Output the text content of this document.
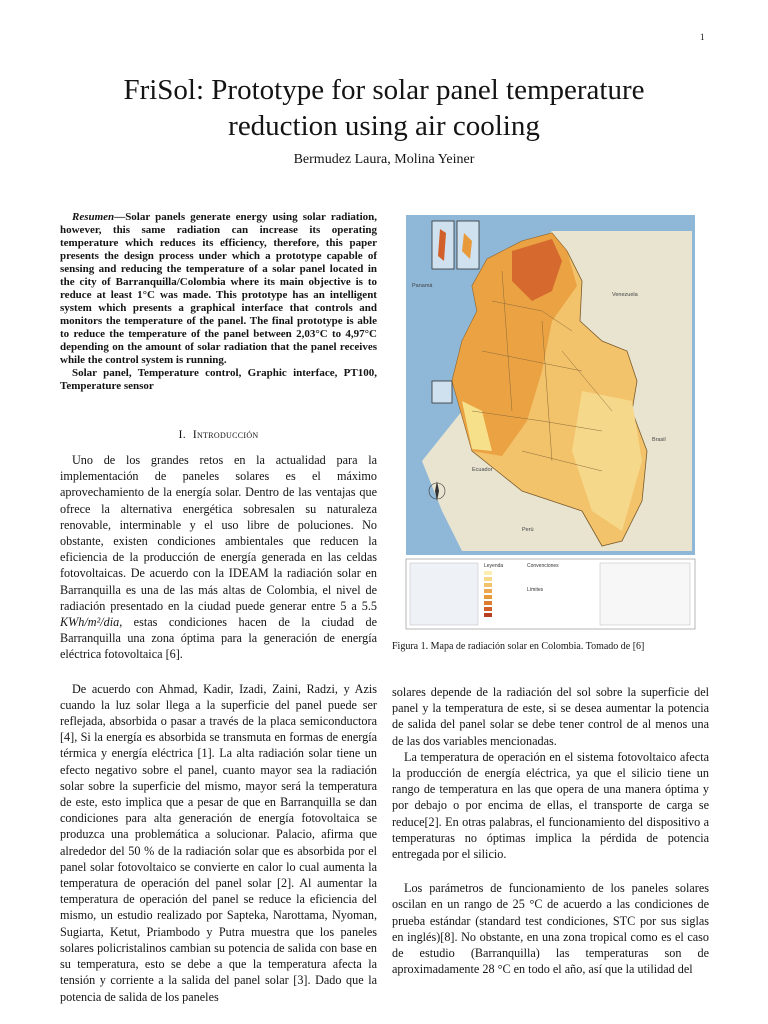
1
FriSol: Prototype for solar panel temperature
reduction using air cooling
Bermudez Laura, Molina Yeiner

Resumen—Solar panels generate energy using solar radiation, however, this same radiation can increase its operating temperature which reduces its efficiency, therefore, this paper presents the design process under which a prototype capable of sensing and reducing the temperature of a solar panel located in the city of Barranquilla/Colombia where its main objective is to reduce at least 1°C was made. This prototype has an intelligent system which presents a graphical interface that controls and monitors the temperature of the panel. The final prototype is able to reduce the temperature of the panel between 2,03°C to 4,97°C depending on the amount of solar radiation that the panel receives while the control system is running.

Solar panel, Temperature control, Graphic interface, PT100, Temperature sensor

I. Introducción

Uno de los grandes retos en la actualidad para la implementación de paneles solares es el máximo aprovechamiento de la energía solar. Dentro de las ventajas que ofrece la alternativa energética sobresalen su naturaleza renovable, interminable y el uso libre de poluciones. No obstante, existen condiciones ambientales que reducen la eficiencia de la producción de energía generada en las celdas fotovoltaicas. De acuerdo con la IDEAM la radiación solar en Barranquilla es una de las más altas de Colombia, el nivel de radiación presentado en la ciudad puede generar entre 5 a 5.5 KWh/m²/dia, estas condiciones hacen de la ciudad de Barranquilla una zona óptima para la generación de energía eléctrica fotovoltaica [6].

De acuerdo con Ahmad, Kadir, Izadi, Zaini, Radzi, y Azis cuando la luz solar llega a la superficie del panel puede ser reflejada, absorbida o pasar a través de la placa semiconductora [4], Si la energía es absorbida se transmuta en formas de energía térmica y energía eléctrica [1]. La alta radiación solar tiene un efecto negativo sobre el panel, cuanto mayor sea la radiación solar sobre la superficie del mismo, mayor será la temperatura de este, esto implica que a pesar de que en Barranquilla se dan condiciones para alta generación de energía fotovoltaica se produzca una problemática a solucionar. Palacio, afirma que alrededor del 50 % de la radiación solar que es absorbida por el panel solar fotovoltaico se convierte en calor lo cual aumenta la temperatura de operación del panel solar [2]. Al aumentar la temperatura de operación del panel se reduce la eficiencia del mismo, un estudio realizado por Sapteka, Narottama, Nyoman, Sugiarta, Ketut, Priambodo y Putra muestra que los paneles solares policristalinos cambian su potencia de salida con base en su temperatura, esto se debe a que la temperatura afecta la tensión y corriente a la salida del panel solar [3]. Dado que la potencia de salida de los paneles

Venezuela
Ecuador
Perú
Brasil
Panamá
Leyenda	Convenciones
Límites
Figura 1. Mapa de radiación solar en Colombia. Tomado de [6]

solares depende de la radiación del sol sobre la superficie del panel y la temperatura de este, si se desea aumentar la potencia de salida del panel solar se debe tener control de al menos una de las dos variables mencionadas.

La temperatura de operación en el sistema fotovoltaico afecta la producción de energía eléctrica, ya que el silicio tiene un rango de temperatura en las que opera de una manera óptima y por debajo o por encima de ellas, el transporte de carga se reduce[2]. En otras palabras, el funcionamiento del dispositivo a temperaturas no óptimas implica la pérdida de potencia entregada por el silicio.

Los parámetros de funcionamiento de los paneles solares oscilan en un rango de 25 °C de acuerdo a las condiciones de prueba estándar (standard test condiciones, STC por sus siglas en inglés)[8]. No obstante, en una zona tropical como es el caso de estudio (Barranquilla) las temperaturas son de aproximadamente 28 °C en todo el año, así que la utilidad del
